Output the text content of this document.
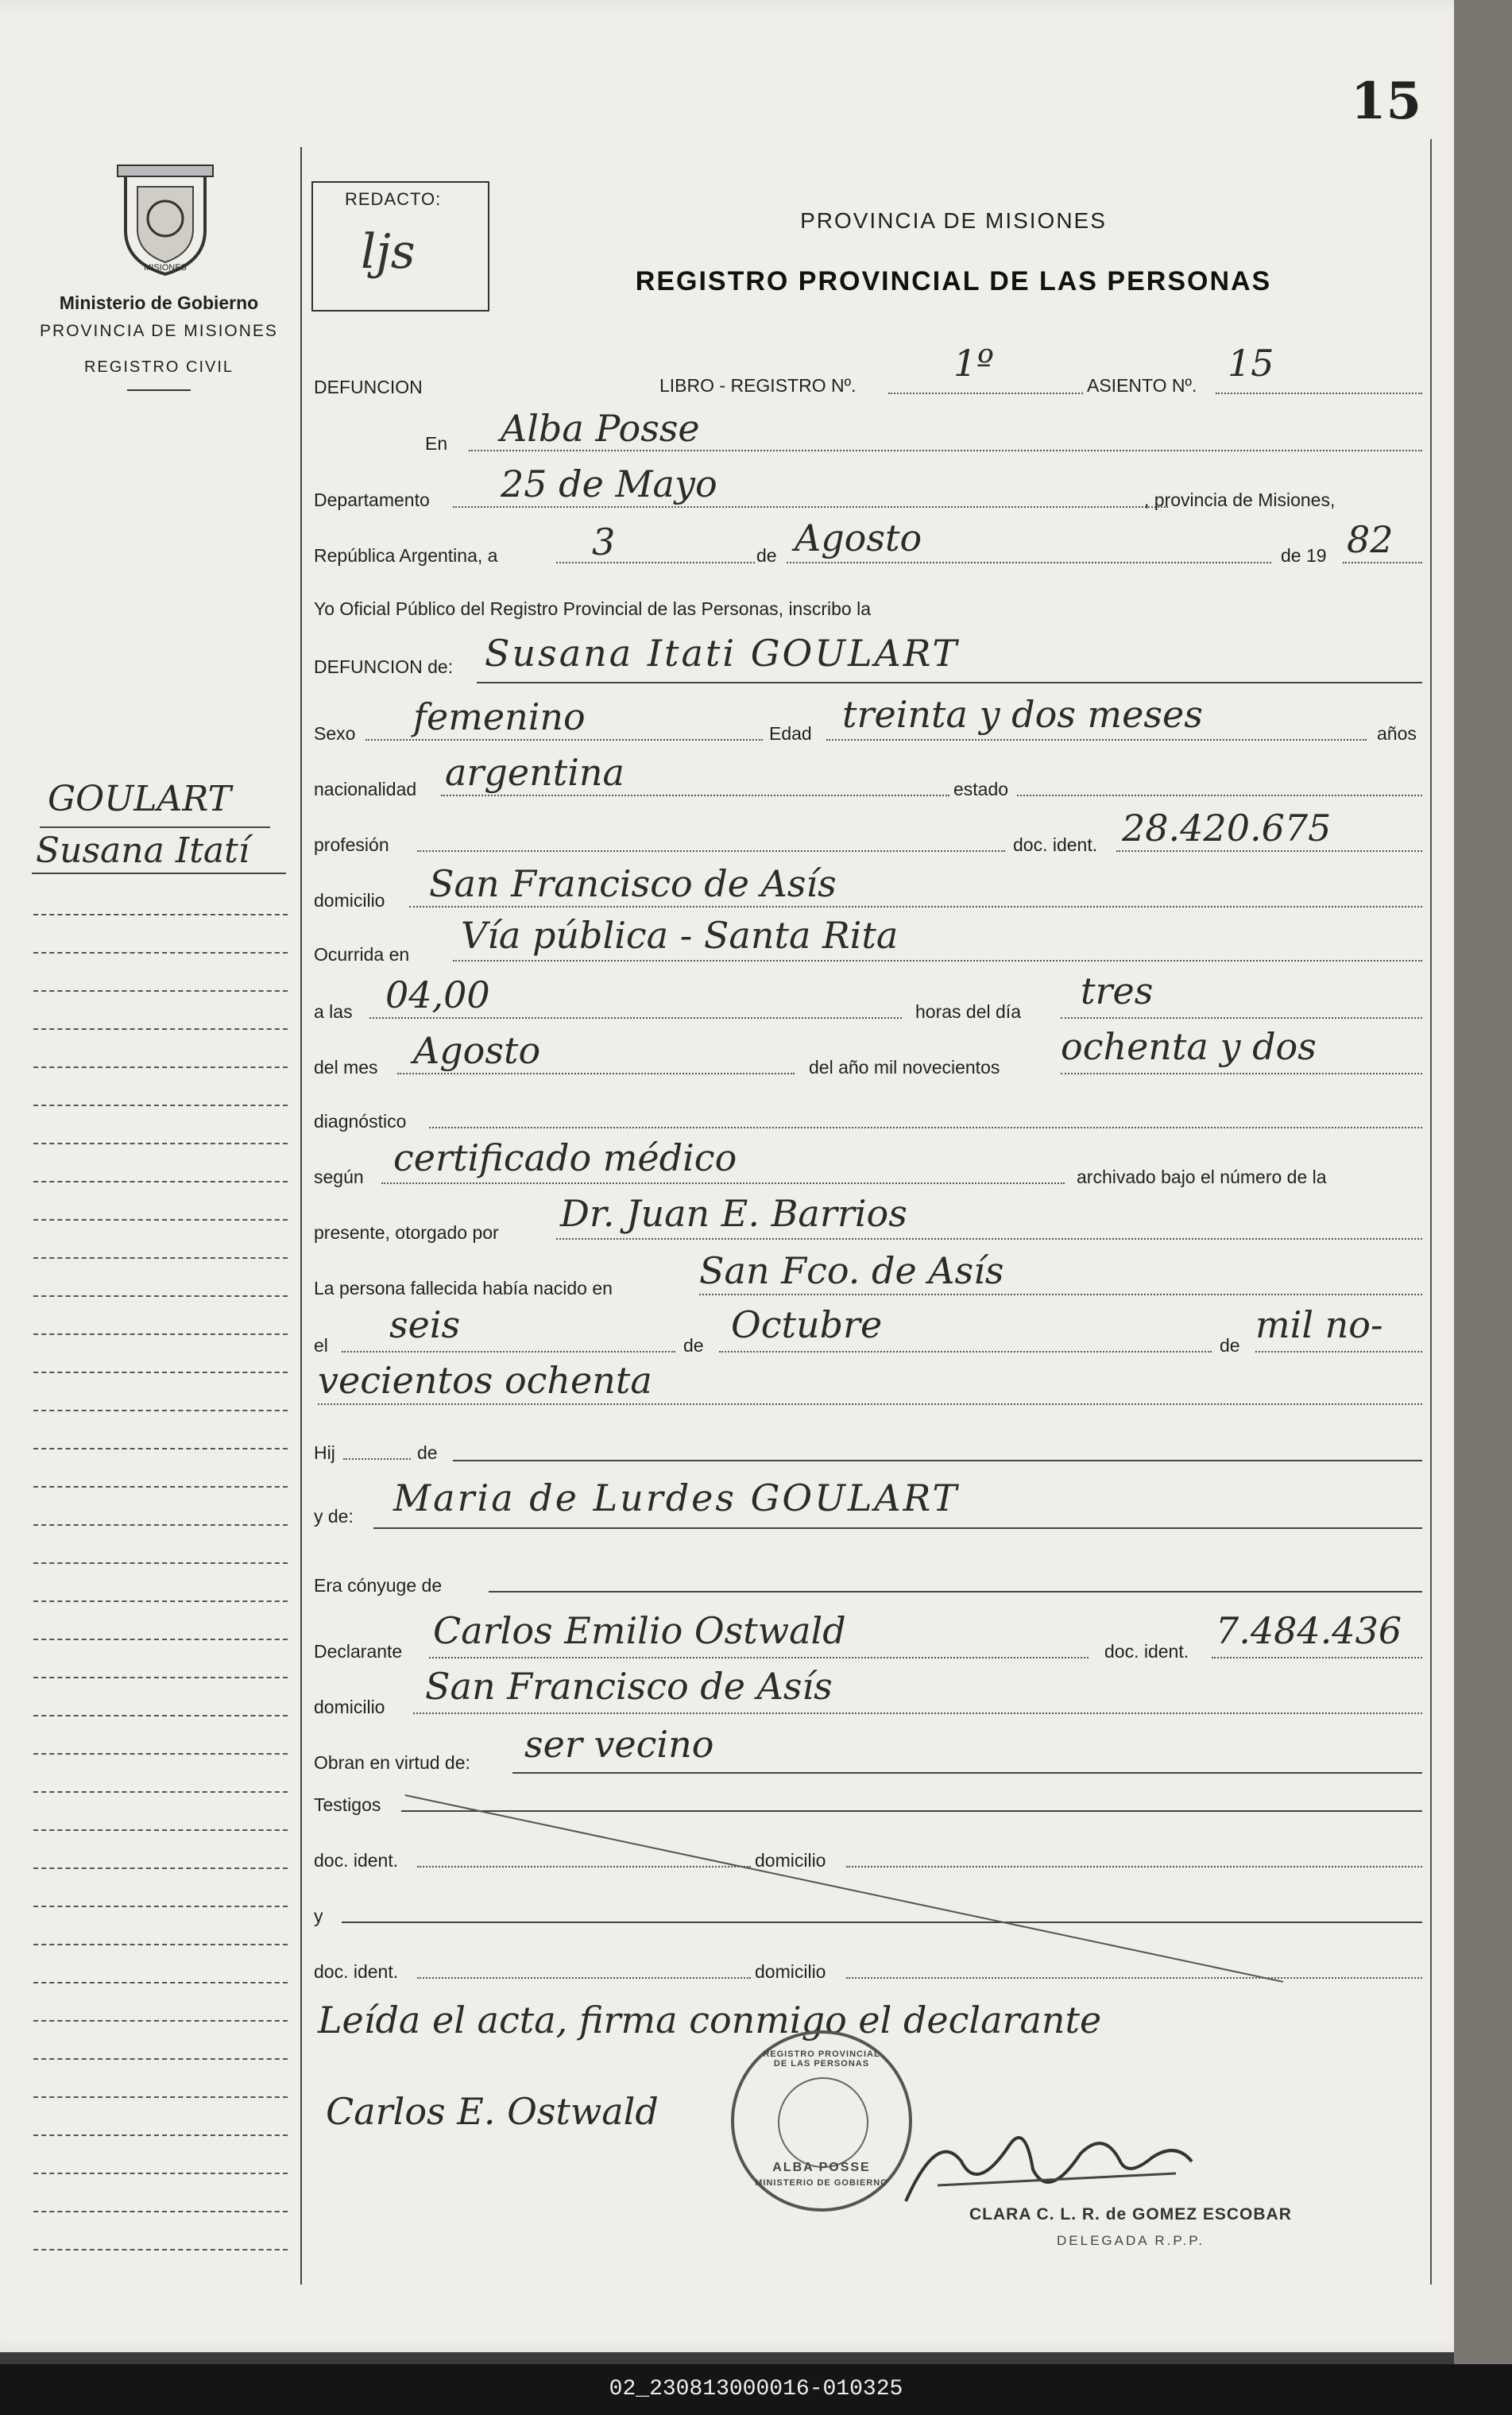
15
MISIONES
Ministerio de Gobierno
PROVINCIA DE MISIONES
REGISTRO CIVIL
REDACTO:
ljs
PROVINCIA DE MISIONES
REGISTRO PROVINCIAL DE LAS PERSONAS
GOULART
Susana Itatí
DEFUNCION	LIBRO - REGISTRO Nº.
1º
ASIENTO Nº.
15
En Alba Posse
Departamento 25 de Mayo	, provincia de Misiones,
República Argentina, a	3	de Agosto	de 19 82
Yo Oficial Público del Registro Provincial de las Personas, inscribo la
DEFUNCION de: Susana Itati GOULART
Sexo femenino	Edad treinta y dos meses	años
nacionalidad argentina	estado
profesión	doc. ident. 28.420.675
domicilio San Francisco de Asís
Ocurrida en Vía pública - Santa Rita
a las 04,00	horas del día tres
del mes Agosto	del año mil novecientos ochenta y dos
diagnóstico
según certificado médico	archivado bajo el número de la
presente, otorgado por Dr. Juan E. Barrios
La persona fallecida había nacido en San Fco. de Asís
el seis	de Octubre	de mil no-
vecientos ochenta
Hij	de
y de: Maria de Lurdes GOULART
Era cónyuge de
Declarante Carlos Emilio Ostwald	doc. ident. 7.484.436
domicilio San Francisco de Asís
Obran en virtud de: ser vecino
Testigos
doc. ident.	domicilio
y
doc. ident.	domicilio
Leída el acta, firma conmigo el declarante
Carlos E. Ostwald
REGISTRO PROVINCIAL DE LAS PERSONAS
ALBA POSSE
MINISTERIO DE GOBIERNO
CLARA C. L. R. de GOMEZ ESCOBAR
DELEGADA R.P.P.
02_230813000016-010325
